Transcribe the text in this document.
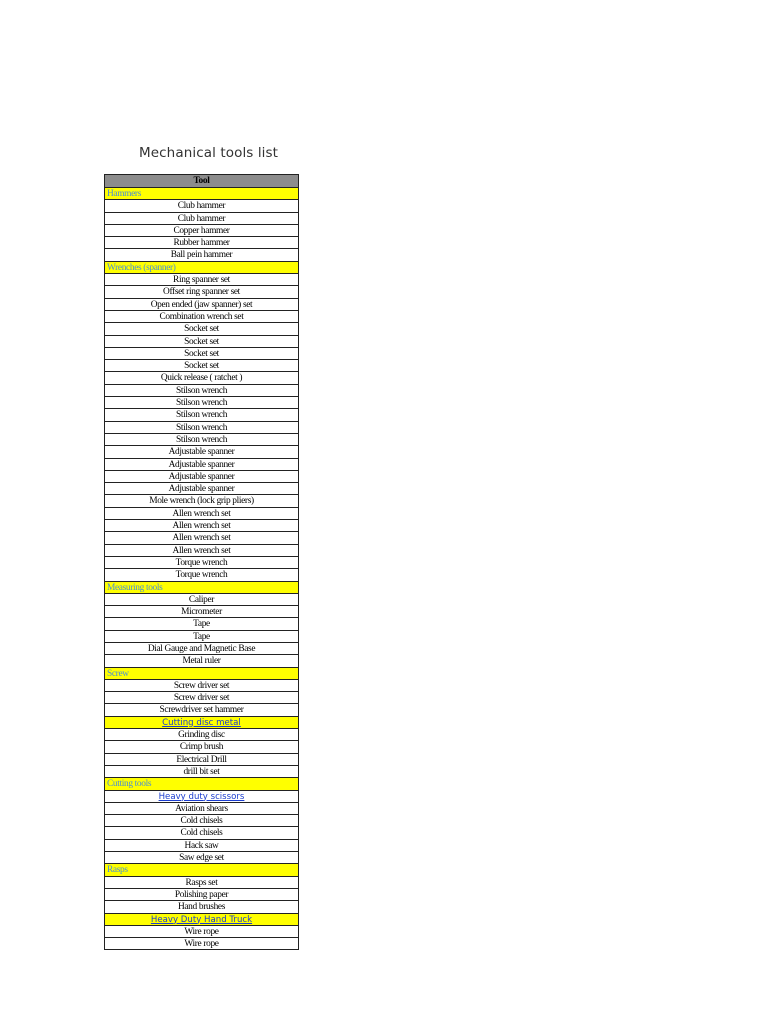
Mechanical tools list
Tool
Hammers
Club hammer
Club hammer
Copper hammer
Rubber hammer
Ball pein hammer
Wrenches (spanner)
Ring spanner set
Offset ring spanner set
Open ended (jaw spanner) set
Combination wrench set
Socket set
Socket set
Socket set
Socket set
Quick release ( ratchet )
Stilson wrench
Stilson wrench
Stilson wrench
Stilson wrench
Stilson wrench
Adjustable spanner
Adjustable spanner
Adjustable spanner
Adjustable spanner
Mole wrench (lock grip pliers)
Allen wrench set
Allen wrench set
Allen wrench set
Allen wrench set
Torque wrench
Torque wrench
Measuring tools
Caliper
Micrometer
Tape
Tape
Dial Gauge and Magnetic Base
Metal ruler
Screw
Screw driver set
Screw driver set
Screwdriver set hammer
Cutting disc metal
Grinding disc
Crimp brush
Electrical Drill
drill bit set
Cutting tools
Heavy duty scissors
Aviation shears
Cold chisels
Cold chisels
Hack saw
Saw edge set
Rasps
Rasps set
Polishing paper
Hand brushes
Heavy Duty Hand Truck
Wire rope
Wire rope
